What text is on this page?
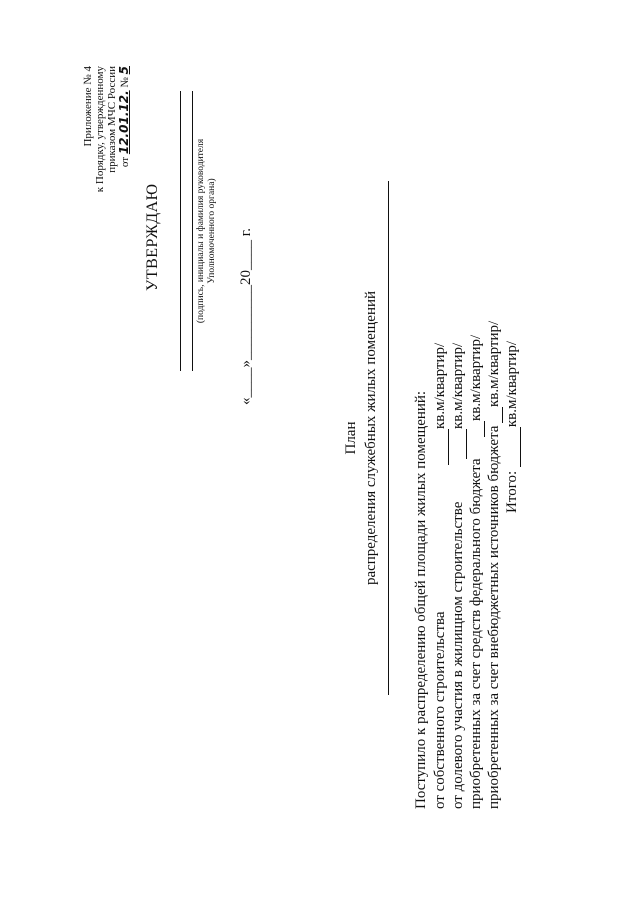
Приложение № 4 к Порядку, утвержденному приказом МЧС России от 12.01.12. № 5
УТВЕРЖДАЮ	(подпись, инициалы и фамилия руководителя Уполномоченного органа) «____»__________20____ г.
План распределения служебных жилых помещений Поступило к распределению общей площади жилых помещений: от собственного строительства
кв.м/квартир/
от долевого участия в жилищном строительстве
кв.м/квартир/
приобретенных за счет средств федерального бюджета
кв.м/квартир/
приобретенных за счет внебюджетных источников бюджета
кв.м/квартир/
Итого: кв.м/квартир/
